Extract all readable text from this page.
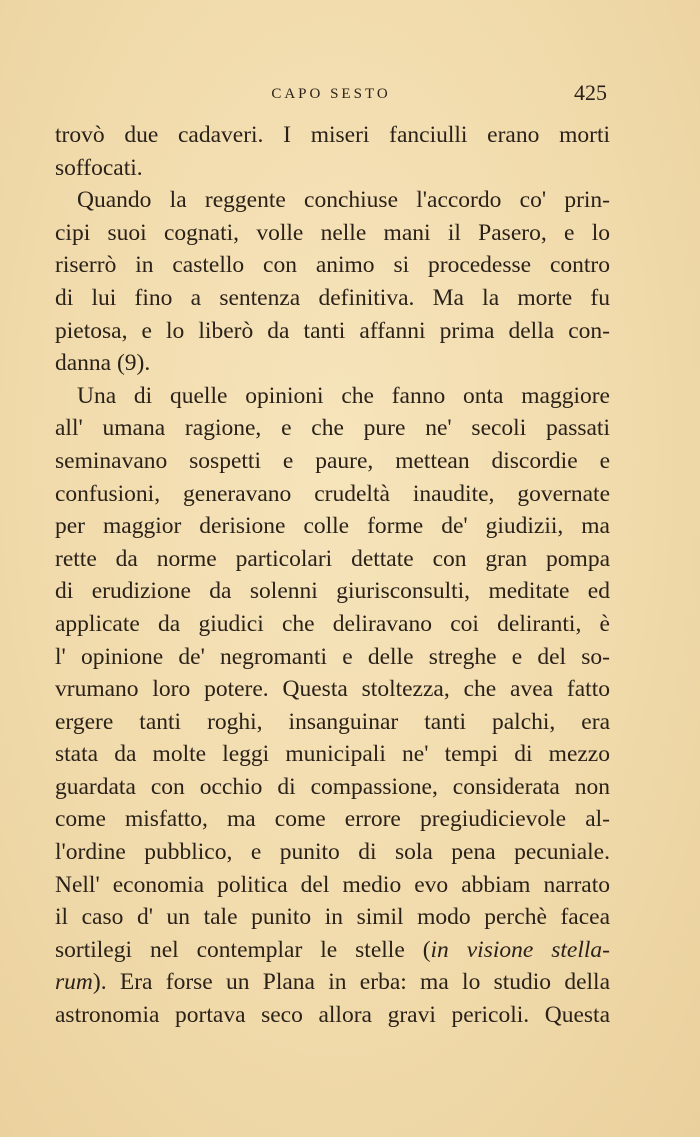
CAPO SESTO	425
trovò due cadaveri. I miseri fanciulli erano morti
soffocati.
Quando la reggente conchiuse l'accordo co' prin-
cipi suoi cognati, volle nelle mani il Pasero, e lo
riserrò in castello con animo si procedesse contro
di lui fino a sentenza definitiva. Ma la morte fu
pietosa, e lo liberò da tanti affanni prima della con-
danna (9).
Una di quelle opinioni che fanno onta maggiore
all' umana ragione, e che pure ne' secoli passati
seminavano sospetti e paure, mettean discordie e
confusioni, generavano crudeltà inaudite, governate
per maggior derisione colle forme de' giudizii, ma
rette da norme particolari dettate con gran pompa
di erudizione da solenni giurisconsulti, meditate ed
applicate da giudici che deliravano coi deliranti, è
l' opinione de' negromanti e delle streghe e del so-
vrumano loro potere. Questa stoltezza, che avea fatto
ergere tanti roghi, insanguinar tanti palchi, era
stata da molte leggi municipali ne' tempi di mezzo
guardata con occhio di compassione, considerata non
come misfatto, ma come errore pregiudicievole al-
l'ordine pubblico, e punito di sola pena pecuniale.
Nell' economia politica del medio evo abbiam narrato
il caso d' un tale punito in simil modo perchè facea
sortilegi nel contemplar le stelle (in visione stella-
rum). Era forse un Plana in erba: ma lo studio della
astronomia portava seco allora gravi pericoli. Questa
